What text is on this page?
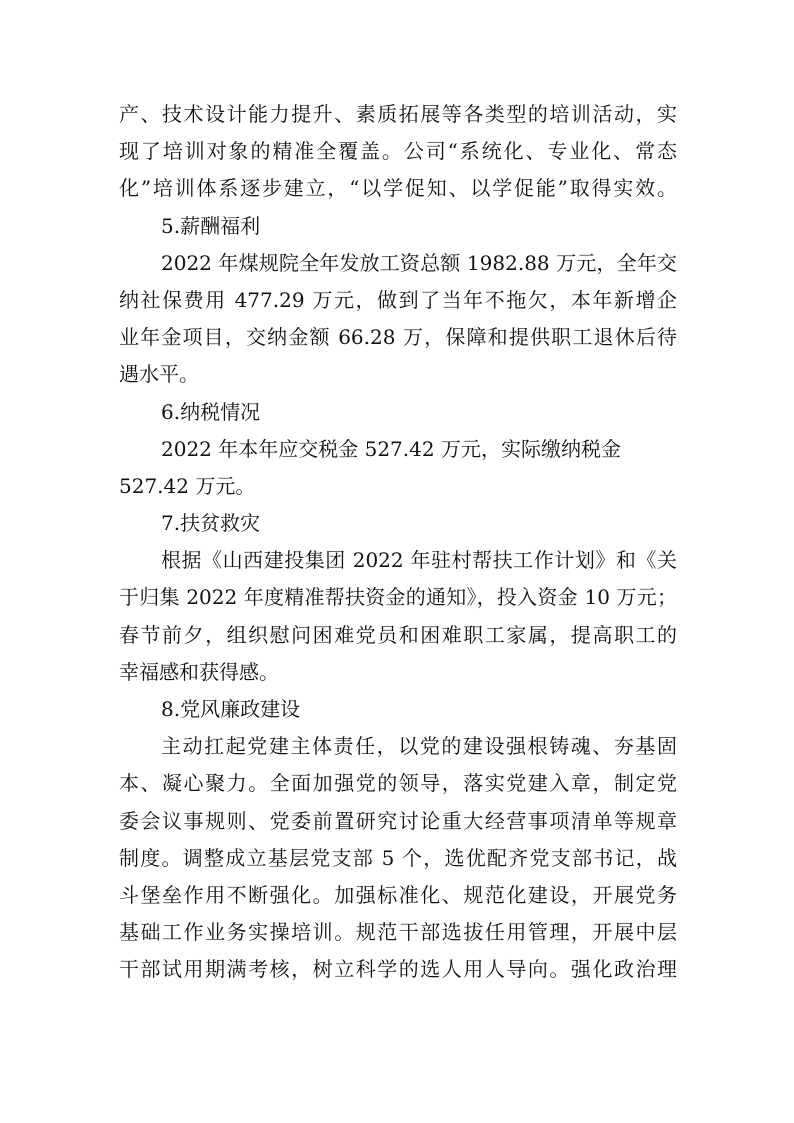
产、技术设计能力提升、素质拓展等各类型的培训活动，实
现了培训对象的精准全覆盖。公司“系统化、专业化、常态
化”培训体系逐步建立，“以学促知、以学促能”取得实效。
5.薪酬福利
2022 年煤规院全年发放工资总额 1982.88 万元，全年交
纳社保费用 477.29 万元，做到了当年不拖欠，本年新增企
业年金项目，交纳金额 66.28 万，保障和提供职工退休后待
遇水平。
6.纳税情况
2022 年本年应交税金 527.42 万元，实际缴纳税金
527.42 万元。
7.扶贫救灾
根据《山西建投集团 2022 年驻村帮扶工作计划》和《关
于归集 2022 年度精准帮扶资金的通知》，投入资金 10 万元；
春节前夕，组织慰问困难党员和困难职工家属，提高职工的
幸福感和获得感。
8.党风廉政建设
主动扛起党建主体责任，以党的建设强根铸魂、夯基固
本、凝心聚力。全面加强党的领导，落实党建入章，制定党
委会议事规则、党委前置研究讨论重大经营事项清单等规章
制度。调整成立基层党支部 5 个，选优配齐党支部书记，战
斗堡垒作用不断强化。加强标准化、规范化建设，开展党务
基础工作业务实操培训。规范干部选拔任用管理，开展中层
干部试用期满考核，树立科学的选人用人导向。强化政治理
